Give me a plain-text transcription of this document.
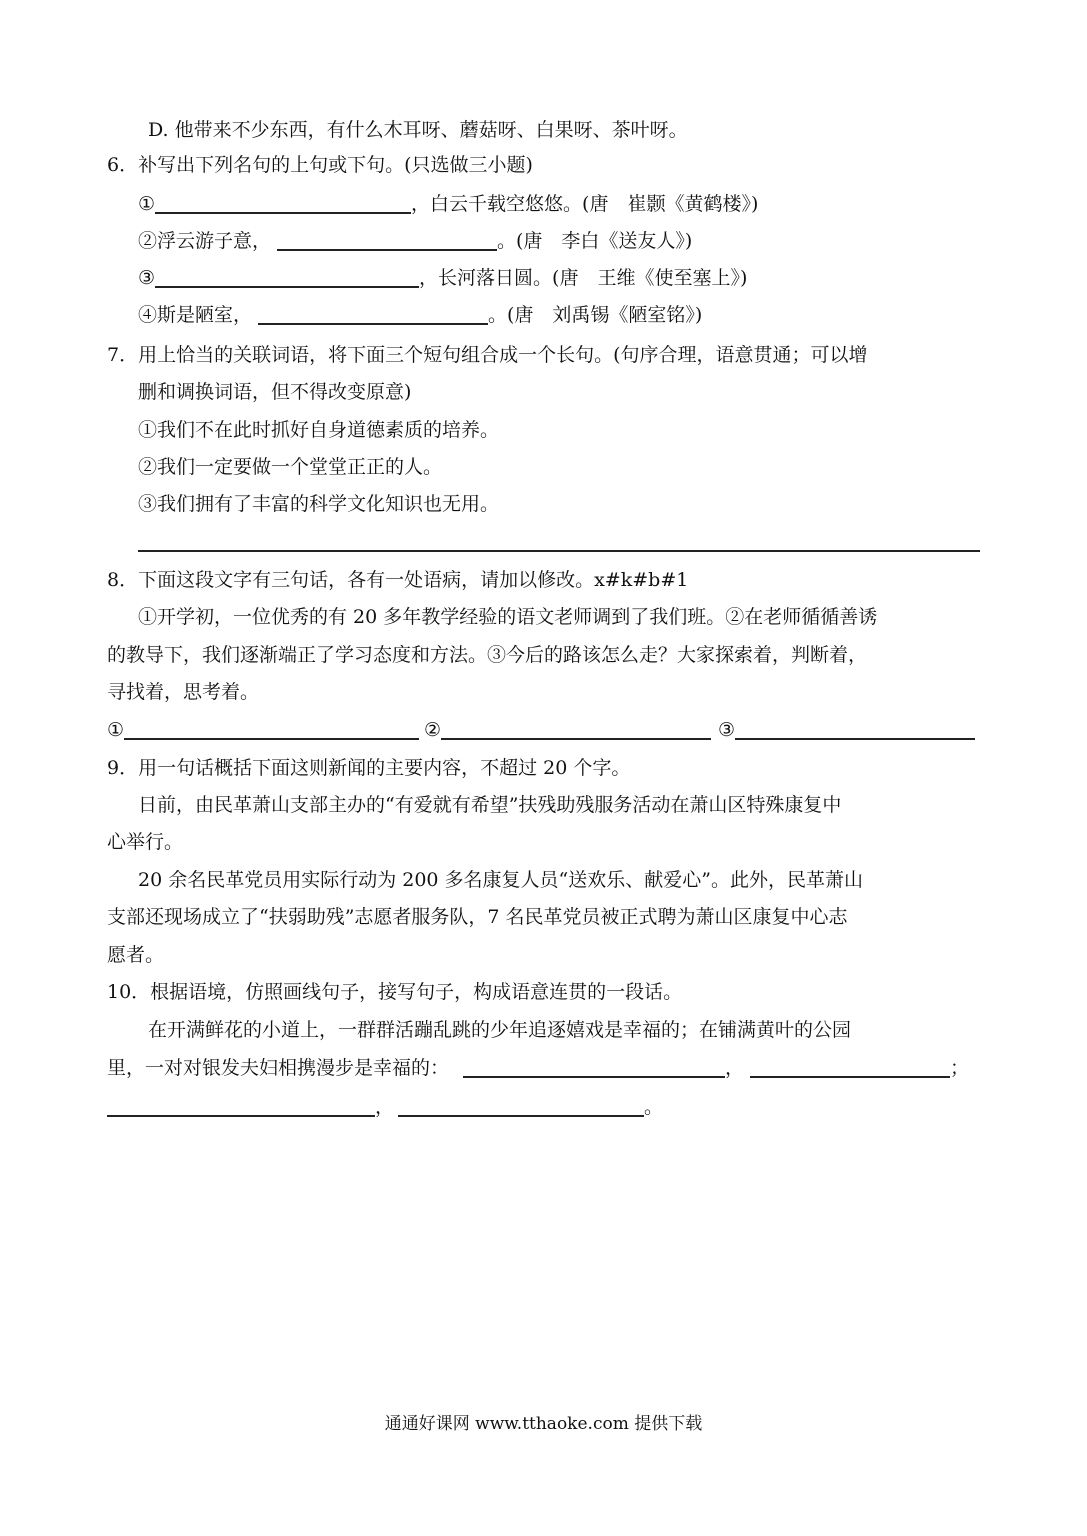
D. 他带来不少东西，有什么木耳呀、蘑菇呀、白果呀、茶叶呀。
6．补写出下列名句的上句或下句。(只选做三小题)
①	，白云千载空悠悠。(唐　崔颢《黄鹤楼》)
②浮云游子意，	。(唐　李白《送友人》)
③	，长河落日圆。(唐　王维《使至塞上》)
④斯是陋室，	。(唐　刘禹锡《陋室铭》)
7．用上恰当的关联词语，将下面三个短句组合成一个长句。(句序合理，语意贯通；可以增
删和调换词语，但不得改变原意)
①我们不在此时抓好自身道德素质的培养。
②我们一定要做一个堂堂正正的人。
③我们拥有了丰富的科学文化知识也无用。
8．下面这段文字有三句话，各有一处语病，请加以修改。x#k#b#1
①开学初，一位优秀的有 20 多年教学经验的语文老师调到了我们班。②在老师循循善诱
的教导下，我们逐渐端正了学习态度和方法。③今后的路该怎么走？大家探索着，判断着，
寻找着，思考着。
①	②	③
9．用一句话概括下面这则新闻的主要内容，不超过 20 个字。
日前，由民革萧山支部主办的“有爱就有希望”扶残助残服务活动在萧山区特殊康复中
心举行。
20 余名民革党员用实际行动为 200 多名康复人员“送欢乐、献爱心”。此外，民革萧山
支部还现场成立了“扶弱助残”志愿者服务队，7 名民革党员被正式聘为萧山区康复中心志
愿者。
10．根据语境，仿照画线句子，接写句子，构成语意连贯的一段话。
在开满鲜花的小道上，一群群活蹦乱跳的少年追逐嬉戏是幸福的；在铺满黄叶的公园
里，一对对银发夫妇相携漫步是幸福的：	，	；
，	。
通通好课网 www.tthaoke.com 提供下载
